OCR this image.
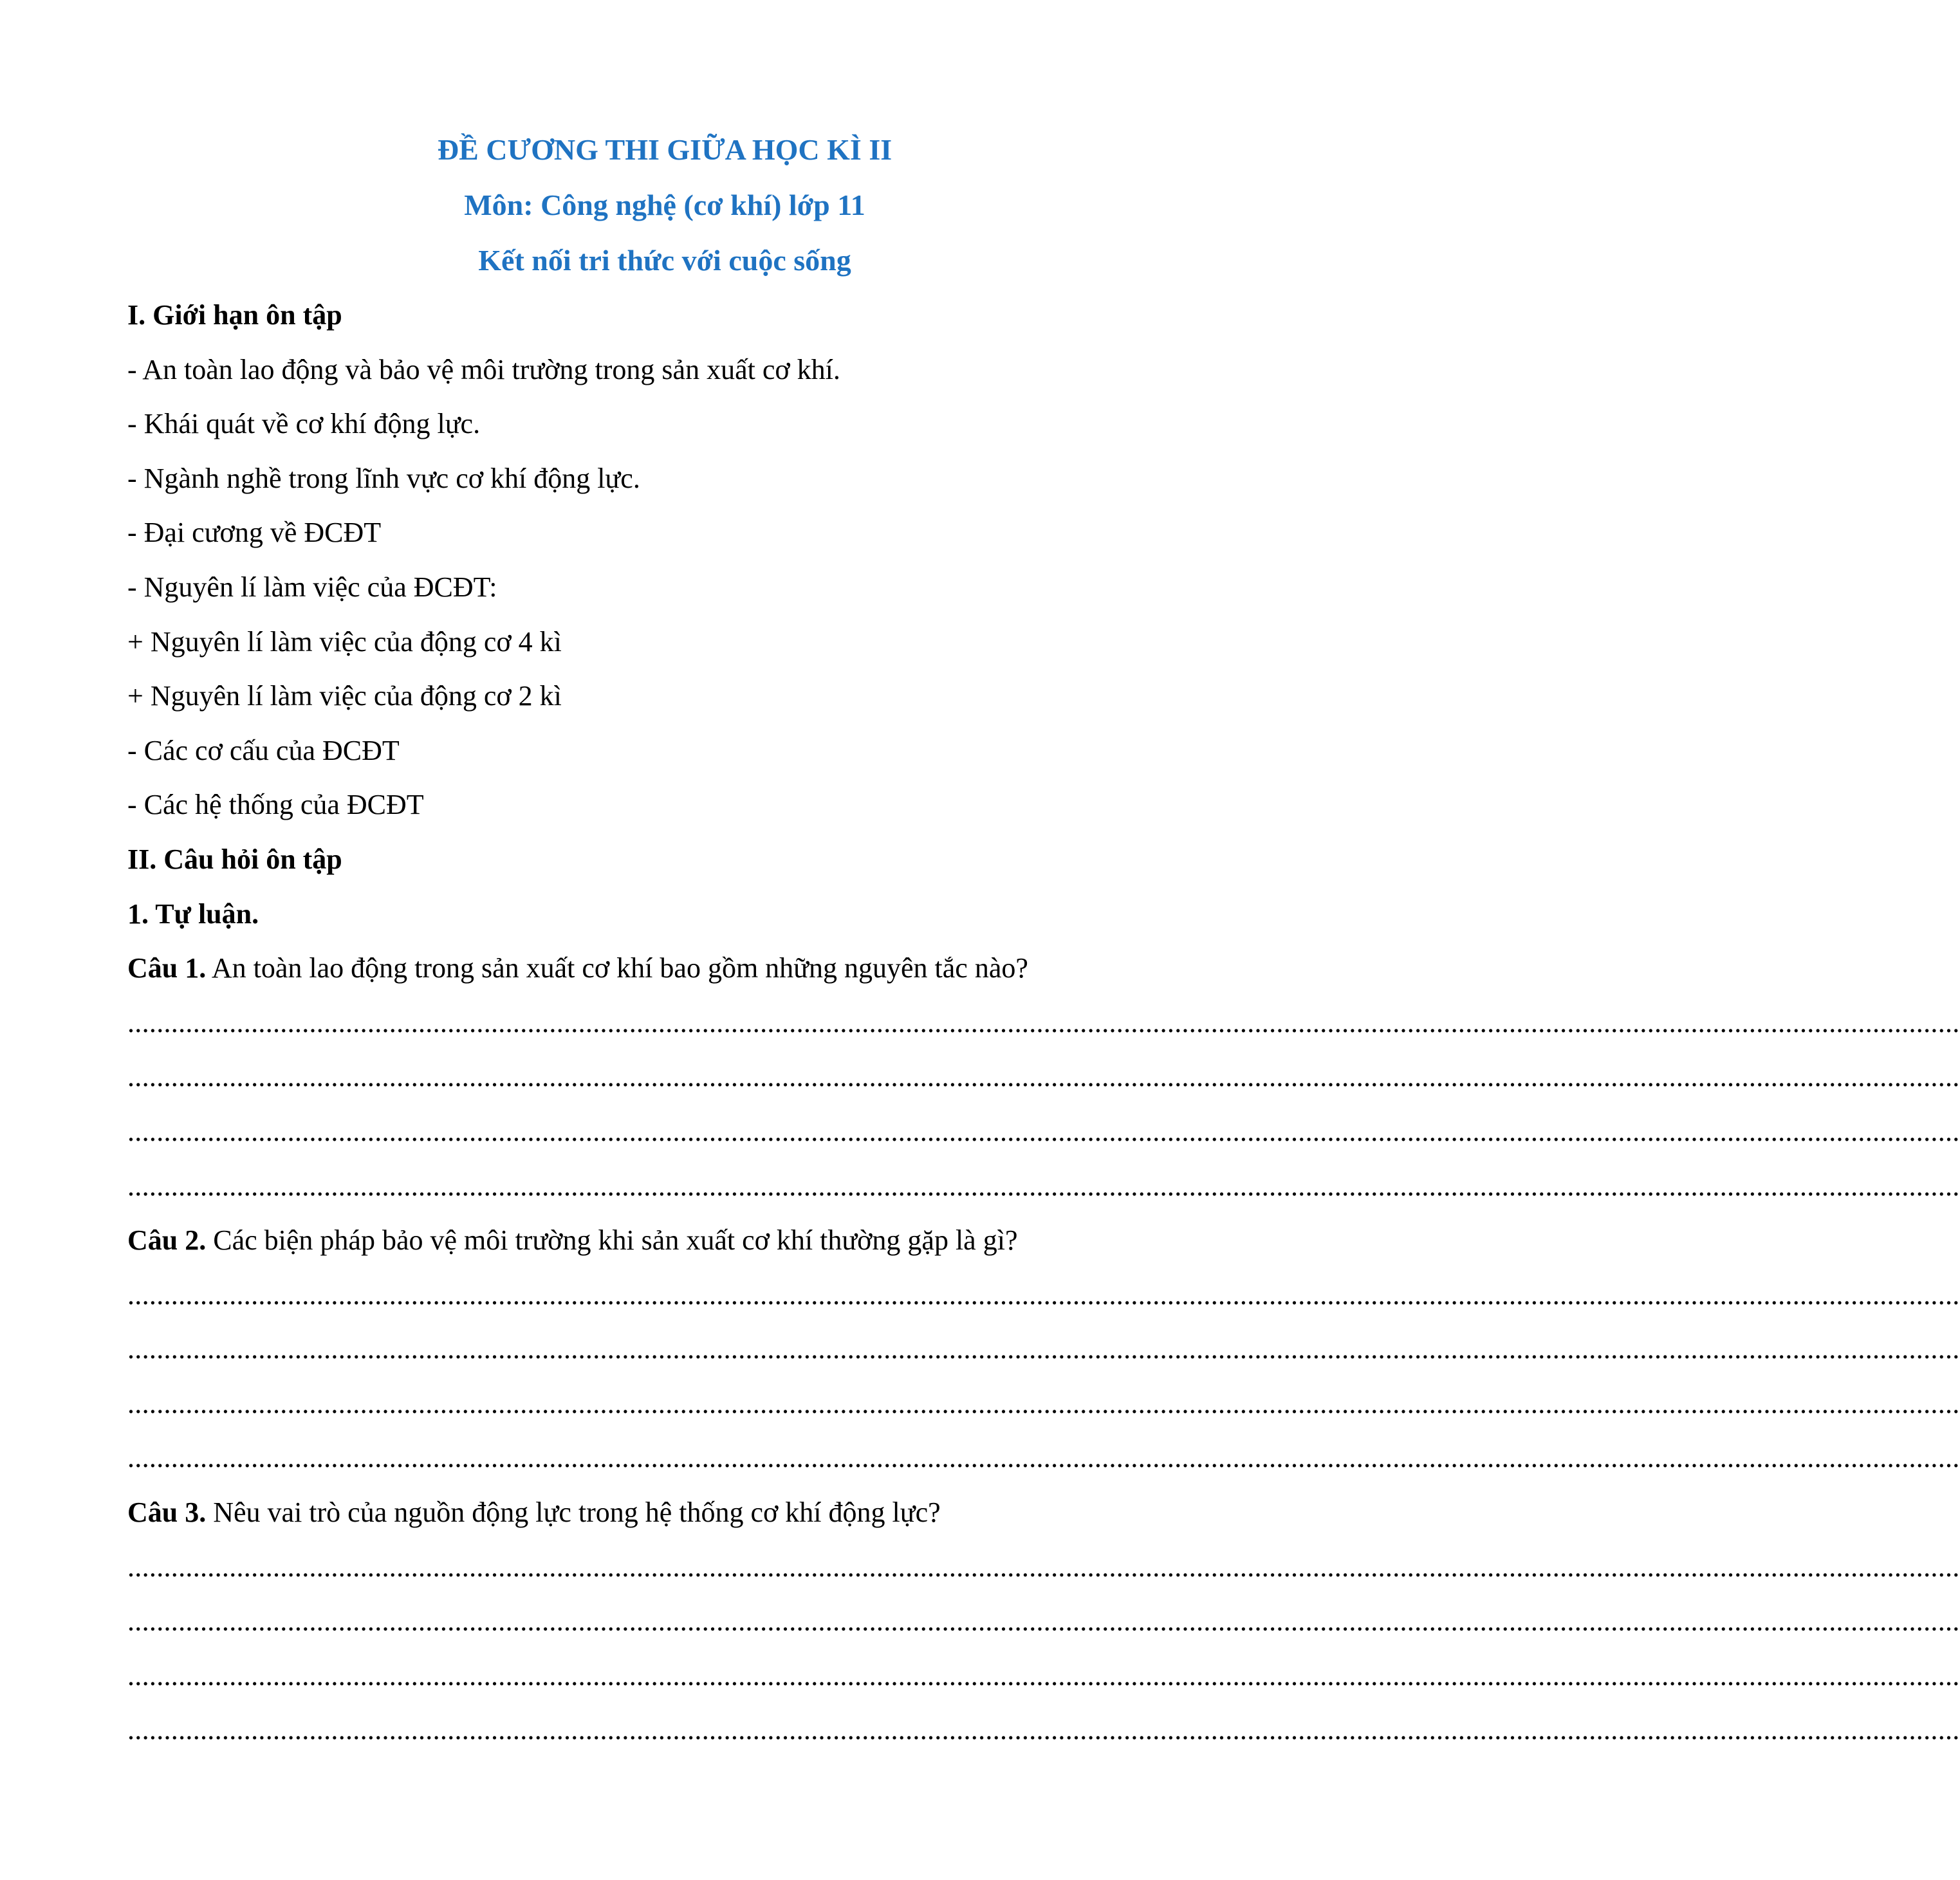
ĐỀ CƯƠNG THI GIỮA HỌC KÌ II

Môn: Công nghệ (cơ khí) lớp 11

Kết nối tri thức với cuộc sống

I. Giới hạn ôn tập

- An toàn lao động và bảo vệ môi trường trong sản xuất cơ khí.

- Khái quát về cơ khí động lực.

- Ngành nghề trong lĩnh vực cơ khí động lực.

- Đại cương về ĐCĐT

- Nguyên lí làm việc của ĐCĐT:

+ Nguyên lí làm việc của động cơ 4 kì

+ Nguyên lí làm việc của động cơ 2 kì

- Các cơ cấu của ĐCĐT

- Các hệ thống của ĐCĐT

II. Câu hỏi ôn tập

1. Tự luận.

Câu 1. An toàn lao động trong sản xuất cơ khí bao gồm những nguyên tắc nào?

............................................................................................................................................................................................................................................................

............................................................................................................................................................................................................................................................

............................................................................................................................................................................................................................................................

............................................................................................................................................................................................................................................................

Câu 2. Các biện pháp bảo vệ môi trường khi sản xuất cơ khí thường gặp là gì?

............................................................................................................................................................................................................................................................

............................................................................................................................................................................................................................................................

............................................................................................................................................................................................................................................................

............................................................................................................................................................................................................................................................

Câu 3. Nêu vai trò của nguồn động lực trong hệ thống cơ khí động lực?

............................................................................................................................................................................................................................................................

............................................................................................................................................................................................................................................................

............................................................................................................................................................................................................................................................

............................................................................................................................................................................................................................................................
